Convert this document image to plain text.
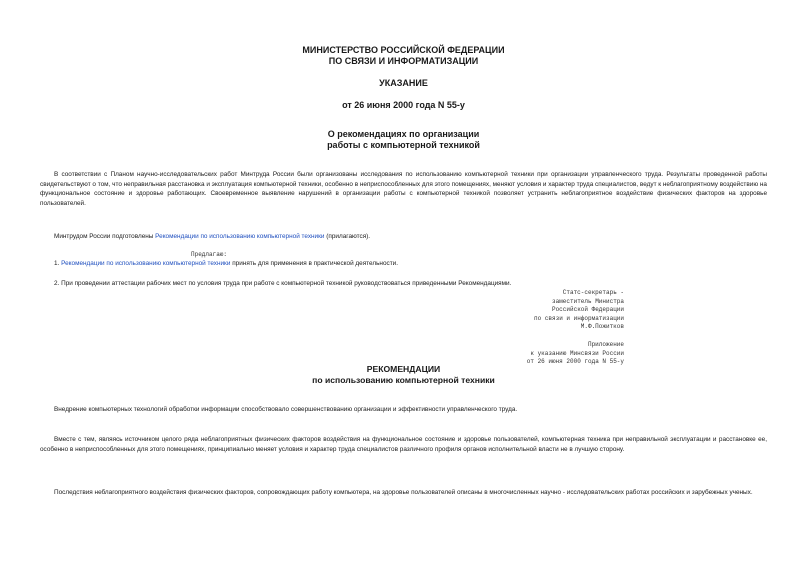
МИНИСТЕРСТВО РОССИЙСКОЙ ФЕДЕРАЦИИ
ПО СВЯЗИ И ИНФОРМАТИЗАЦИИ
УКАЗАНИЕ
от 26 июня 2000 года N 55-у
О рекомендациях по организации
работы с компьютерной техникой
В соответствии с Планом научно-исследовательских работ Минтруда России были организованы исследования по использованию компьютерной техники при организации управленческого труда. Результаты проведенной работы свидетельствуют о том, что неправильная расстановка и эксплуатация компьютерной техники, особенно в неприспособленных для этого помещениях, меняют условия и характер труда специалистов, ведут к неблагоприятному воздействию на функциональное состояние и здоровье работающих. Своевременное выявление нарушений в организации работы с компьютерной техникой позволяет устранить неблагоприятное воздействие физических факторов на здоровье пользователей.
Минтрудом России подготовлены Рекомендации по использованию компьютерной техники (прилагаются).
Предлагаю:
1. Рекомендации по использованию компьютерной техники принять для применения в практической деятельности.
2. При проведении аттестации рабочих мест по условия труда при работе с компьютерной техникой руководствоваться приведенными Рекомендациями.
Статс-секретарь -
заместитель Министра
Российской Федерации
по связи и информатизации
М.Ф.Пожитков
Приложение
к указанию Минсвязи России
от 26 июня 2000 года N 55-у
РЕКОМЕНДАЦИИ
по использованию компьютерной техники
Внедрение компьютерных технологий обработки информации способствовало совершенствованию организации и эффективности управленческого труда.
Вместе с тем, являясь источником целого ряда неблагоприятных физических факторов воздействия на функциональное состояние и здоровье пользователей, компьютерная техника при неправильной эксплуатации и расстановке ее, особенно в неприспособленных для этого помещениях, принципиально меняет условия и характер труда специалистов различного профиля органов исполнительной власти не в лучшую сторону.
Последствия неблагоприятного воздействия физических факторов, сопровождающих работу компьютера, на здоровье пользователей описаны в многочисленных научно - исследовательских работах российских и зарубежных ученых.
